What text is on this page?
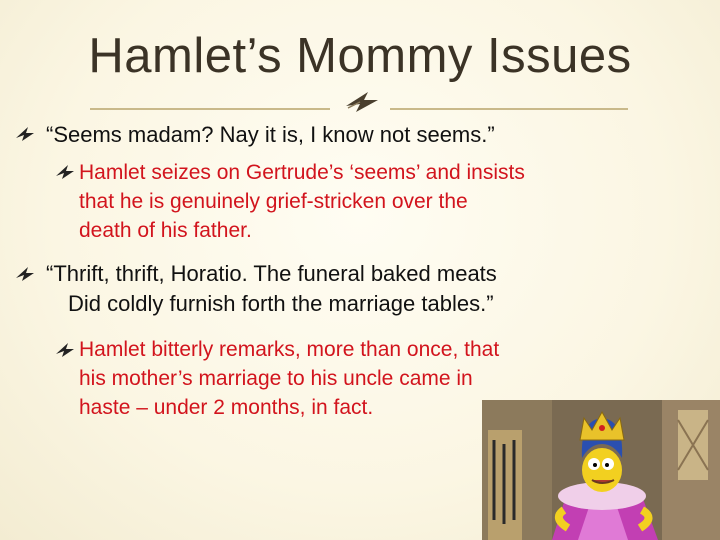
Hamlet’s Mommy Issues
“Seems madam? Nay it is, I know not seems.”
Hamlet seizes on Gertrude’s ‘seems’ and insists
that he is genuinely grief-stricken over the
death of his father.
“Thrift, thrift, Horatio. The funeral baked meats
Did coldly furnish forth the marriage tables.”
Hamlet bitterly remarks, more than once, that
his mother’s marriage to his uncle came in
haste – under 2 months, in fact.
